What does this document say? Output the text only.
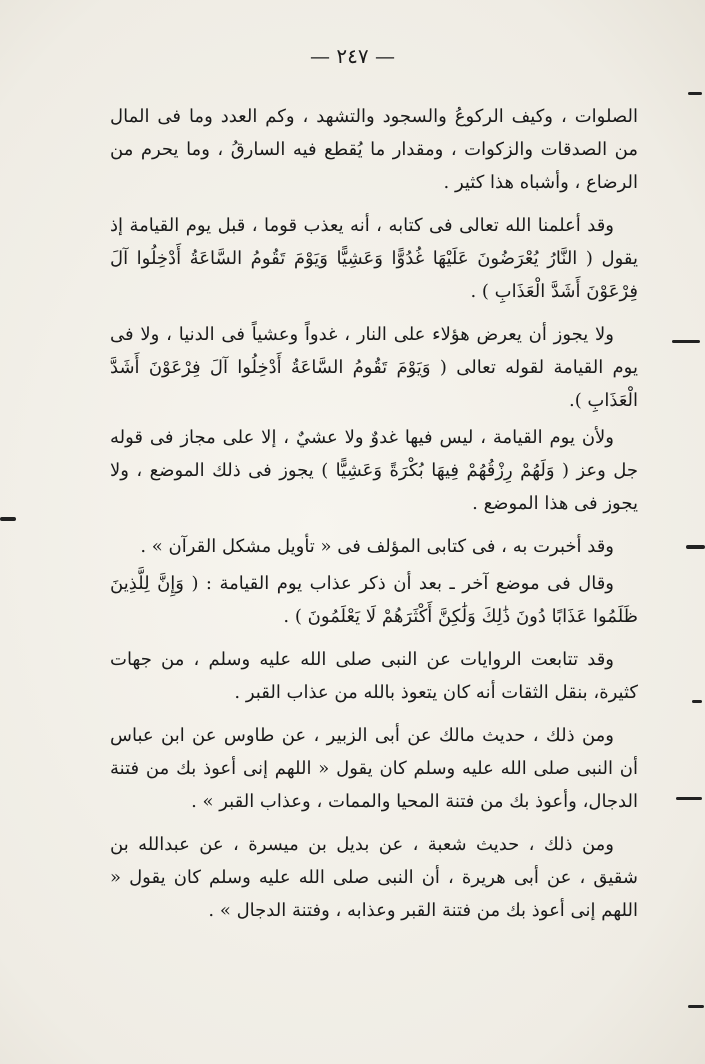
— ٢٤٧ —

الصلوات ، وكيف الركوعُ والسجود والتشهد ، وكم العدد وما فى المال من الصدقات والزكوات ، ومقدار ما يُقطع فيه السارقُ ، وما يحرم من الرضاع ، وأشباه هذا كثير .

وقد أعلمنا الله تعالى فى كتابه ، أنه يعذب قوما ، قبل يوم القيامة إذ يقول ( النَّارُ يُعْرَضُونَ عَلَيْهَا غُدُوًّا وَعَشِيًّا وَيَوْمَ تَقُومُ السَّاعَةُ أَدْخِلُوا آلَ فِرْعَوْنَ أَشَدَّ الْعَذَابِ ) .

ولا يجوز أن يعرض هؤلاء على النار ، غدواً وعشياً فى الدنيا ، ولا فى يوم القيامة لقوله تعالى ( وَيَوْمَ تَقُومُ السَّاعَةُ أَدْخِلُوا آلَ فِرْعَوْنَ أَشَدَّ الْعَذَابِ ).

ولأن يوم القيامة ، ليس فيها غدوٌ ولا عشيٌ ، إلا على مجاز فى قوله جل وعز ( وَلَهُمْ رِزْقُهُمْ فِيهَا بُكْرَةً وَعَشِيًّا ) يجوز فى ذلك الموضع ، ولا يجوز فى هذا الموضع .

وقد أخبرت به ، فى كتابى المؤلف فى « تأويل مشكل القرآن » .

وقال فى موضع آخر ـ بعد أن ذكر عذاب يوم القيامة : ( وَإِنَّ لِلَّذِينَ ظَلَمُوا عَذَابًا دُونَ ذَٰلِكَ وَلَٰكِنَّ أَكْثَرَهُمْ لَا يَعْلَمُونَ ) .

وقد تتابعت الروايات عن النبى صلى الله عليه وسلم ، من جهات كثيرة، بنقل الثقات أنه كان يتعوذ بالله من عذاب القبر .

ومن ذلك ، حديث مالك عن أبى الزبير ، عن طاوس عن ابن عباس أن النبى صلى الله عليه وسلم كان يقول « اللهم إنى أعوذ بك من فتنة الدجال، وأعوذ بك من فتنة المحيا والممات ، وعذاب القبر » .

ومن ذلك ، حديث شعبة ، عن بديل بن ميسرة ، عن عبدالله بن شقيق ، عن أبى هريرة ، أن النبى صلى الله عليه وسلم كان يقول « اللهم إنى أعوذ بك من فتنة القبر وعذابه ، وفتنة الدجال » .
